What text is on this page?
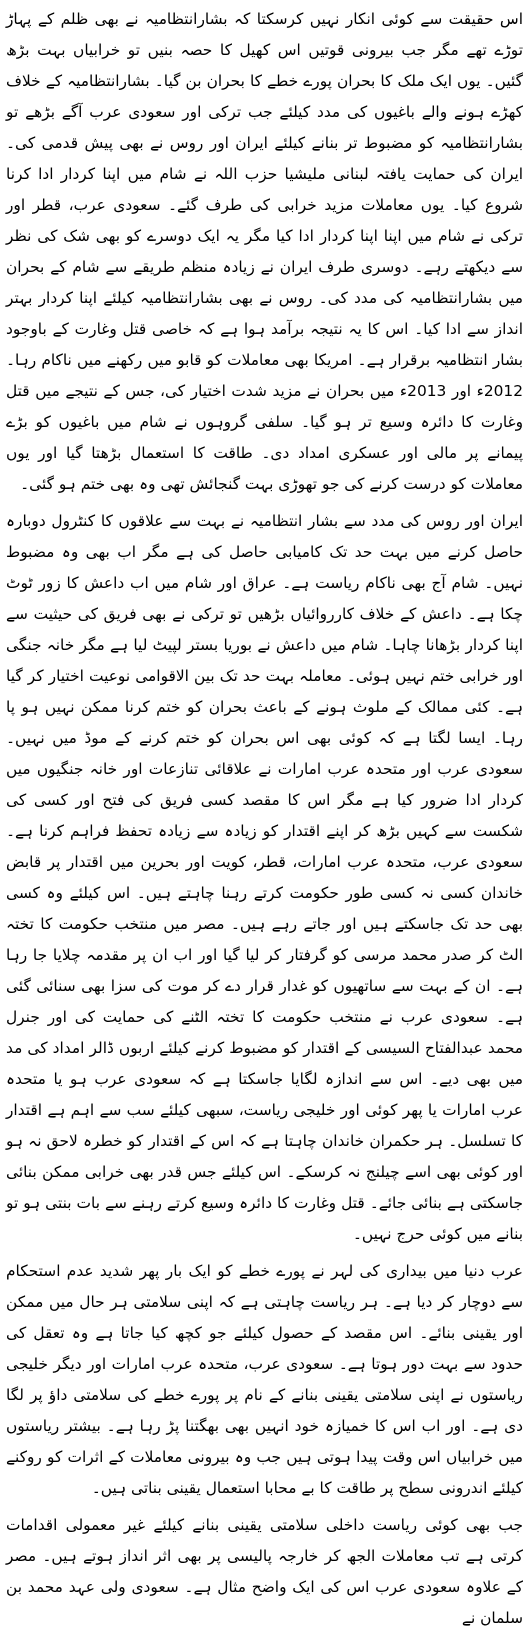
اس حقیقت سے کوئی انکار نہیں کرسکتا کہ بشارانتظامیہ نے بھی ظلم کے پہاڑ توڑے تھے مگر جب بیرونی قوتیں اس کھیل کا حصہ بنیں تو خرابیاں بہت بڑھ گئیں۔ یوں ایک ملک کا بحران پورے خطے کا بحران بن گیا۔ بشارانتظامیہ کے خلاف کھڑے ہونے والے باغیوں کی مدد کیلئے جب ترکی اور سعودی عرب آگے بڑھے تو بشارانتظامیہ کو مضبوط تر بنانے کیلئے ایران اور روس نے بھی پیش قدمی کی۔ ایران کی حمایت یافتہ لبنانی ملیشیا حزب اللہ نے شام میں اپنا کردار ادا کرنا شروع کیا۔ یوں معاملات مزید خرابی کی طرف گئے۔ سعودی عرب، قطر اور ترکی نے شام میں اپنا اپنا کردار ادا کیا مگر یہ ایک دوسرے کو بھی شک کی نظر سے دیکھتے رہے۔ دوسری طرف ایران نے زیادہ منظم طریقے سے شام کے بحران میں بشارانتظامیہ کی مدد کی۔ روس نے بھی بشارانتظامیہ کیلئے اپنا کردار بہتر انداز سے ادا کیا۔ اس کا یہ نتیجہ برآمد ہوا ہے کہ خاصی قتل وغارت کے باوجود بشار انتظامیہ برقرار ہے۔ امریکا بھی معاملات کو قابو میں رکھنے میں ناکام رہا۔ 2012ء اور 2013ء میں بحران نے مزید شدت اختیار کی، جس کے نتیجے میں قتل وغارت کا دائرہ وسیع تر ہو گیا۔ سلفی گروہوں نے شام میں باغیوں کو بڑے پیمانے پر مالی اور عسکری امداد دی۔ طاقت کا استعمال بڑھتا گیا اور یوں معاملات کو درست کرنے کی جو تھوڑی بہت گنجائش تھی وہ بھی ختم ہو گئی۔

ایران اور روس کی مدد سے بشار انتظامیہ نے بہت سے علاقوں کا کنٹرول دوبارہ حاصل کرنے میں بہت حد تک کامیابی حاصل کی ہے مگر اب بھی وہ مضبوط نہیں۔ شام آج بھی ناکام ریاست ہے۔ عراق اور شام میں اب داعش کا زور ٹوٹ چکا ہے۔ داعش کے خلاف کارروائیاں بڑھیں تو ترکی نے بھی فریق کی حیثیت سے اپنا کردار بڑھانا چاہا۔ شام میں داعش نے بوریا بستر لپیٹ لیا ہے مگر خانہ جنگی اور خرابی ختم نہیں ہوئی۔ معاملہ بہت حد تک بین الاقوامی نوعیت اختیار کر گیا ہے۔ کئی ممالک کے ملوث ہونے کے باعث بحران کو ختم کرنا ممکن نہیں ہو پا رہا۔ ایسا لگتا ہے کہ کوئی بھی اس بحران کو ختم کرنے کے موڈ میں نہیں۔ سعودی عرب اور متحدہ عرب امارات نے علاقائی تنازعات اور خانہ جنگیوں میں کردار ادا ضرور کیا ہے مگر اس کا مقصد کسی فریق کی فتح اور کسی کی شکست سے کہیں بڑھ کر اپنے اقتدار کو زیادہ سے زیادہ تحفظ فراہم کرنا ہے۔ سعودی عرب، متحدہ عرب امارات، قطر، کویت اور بحرین میں اقتدار پر قابض خاندان کسی نہ کسی طور حکومت کرتے رہنا چاہتے ہیں۔ اس کیلئے وہ کسی بھی حد تک جاسکتے ہیں اور جاتے رہے ہیں۔ مصر میں منتخب حکومت کا تختہ الٹ کر صدر محمد مرسی کو گرفتار کر لیا گیا اور اب ان پر مقدمہ چلایا جا رہا ہے۔ ان کے بہت سے ساتھیوں کو غدار قرار دے کر موت کی سزا بھی سنائی گئی ہے۔ سعودی عرب نے منتخب حکومت کا تختہ الٹنے کی حمایت کی اور جنرل محمد عبدالفتاح السیسی کے اقتدار کو مضبوط کرنے کیلئے اربوں ڈالر امداد کی مد میں بھی دیے۔ اس سے اندازہ لگایا جاسکتا ہے کہ سعودی عرب ہو یا متحدہ عرب امارات یا پھر کوئی اور خلیجی ریاست، سبھی کیلئے سب سے اہم ہے اقتدار کا تسلسل۔ ہر حکمران خاندان چاہتا ہے کہ اس کے اقتدار کو خطرہ لاحق نہ ہو اور کوئی بھی اسے چیلنج نہ کرسکے۔ اس کیلئے جس قدر بھی خرابی ممکن بنائی جاسکتی ہے بنائی جائے۔ قتل وغارت کا دائرہ وسیع کرتے رہنے سے بات بنتی ہو تو بنانے میں کوئی حرج نہیں۔

عرب دنیا میں بیداری کی لہر نے پورے خطے کو ایک بار پھر شدید عدم استحکام سے دوچار کر دیا ہے۔ ہر ریاست چاہتی ہے کہ اپنی سلامتی ہر حال میں ممکن اور یقینی بنائے۔ اس مقصد کے حصول کیلئے جو کچھ کیا جاتا ہے وہ تعقل کی حدود سے بہت دور ہوتا ہے۔ سعودی عرب، متحدہ عرب امارات اور دیگر خلیجی ریاستوں نے اپنی سلامتی یقینی بنانے کے نام پر پورے خطے کی سلامتی داؤ پر لگا دی ہے۔ اور اب اس کا خمیازہ خود انہیں بھی بھگتنا پڑ رہا ہے۔ بیشتر ریاستوں میں خرابیاں اس وقت پیدا ہوتی ہیں جب وہ بیرونی معاملات کے اثرات کو روکنے کیلئے اندرونی سطح پر طاقت کا بے محابا استعمال یقینی بناتی ہیں۔

جب بھی کوئی ریاست داخلی سلامتی یقینی بنانے کیلئے غیر معمولی اقدامات کرتی ہے تب معاملات الجھ کر خارجہ پالیسی پر بھی اثر انداز ہوتے ہیں۔ مصر کے علاوہ سعودی عرب اس کی ایک واضح مثال ہے۔ سعودی ولی عہد محمد بن سلمان نے
